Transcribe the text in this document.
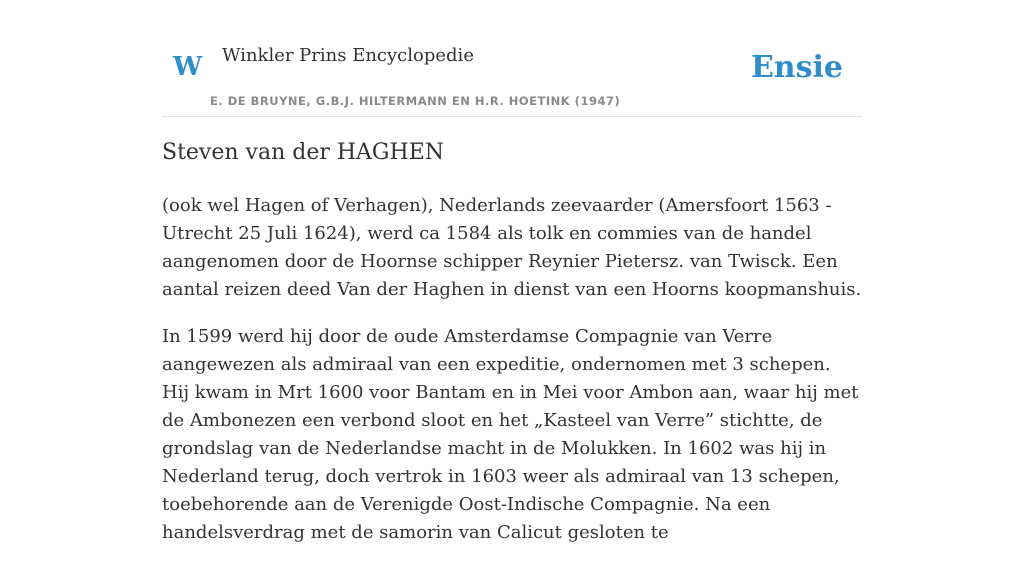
W Winkler Prins Encyclopedie
E. DE BRUYNE, G.B.J. HILTERMANN EN H.R. HOETINK (1947)
Ensie
Steven van der HAGHEN

(ook wel Hagen of Verhagen), Nederlands zeevaarder (Amersfoort 1563 - Utrecht 25 Juli 1624), werd ca 1584 als tolk en commies van de handel aangenomen door de Hoornse schipper Reynier Pietersz. van Twisck. Een aantal reizen deed Van der Haghen in dienst van een Hoorns koopmanshuis.

In 1599 werd hij door de oude Amsterdamse Compagnie van Verre aangewezen als admiraal van een expeditie, ondernomen met 3 schepen. Hij kwam in Mrt 1600 voor Bantam en in Mei voor Ambon aan, waar hij met de Ambonezen een verbond sloot en het „Kasteel van Verre” stichtte, de grondslag van de Nederlandse macht in de Molukken. In 1602 was hij in Nederland terug, doch vertrok in 1603 weer als admiraal van 13 schepen, toebehorende aan de Verenigde Oost-Indische Compagnie. Na een handelsverdrag met de samorin van Calicut gesloten te
